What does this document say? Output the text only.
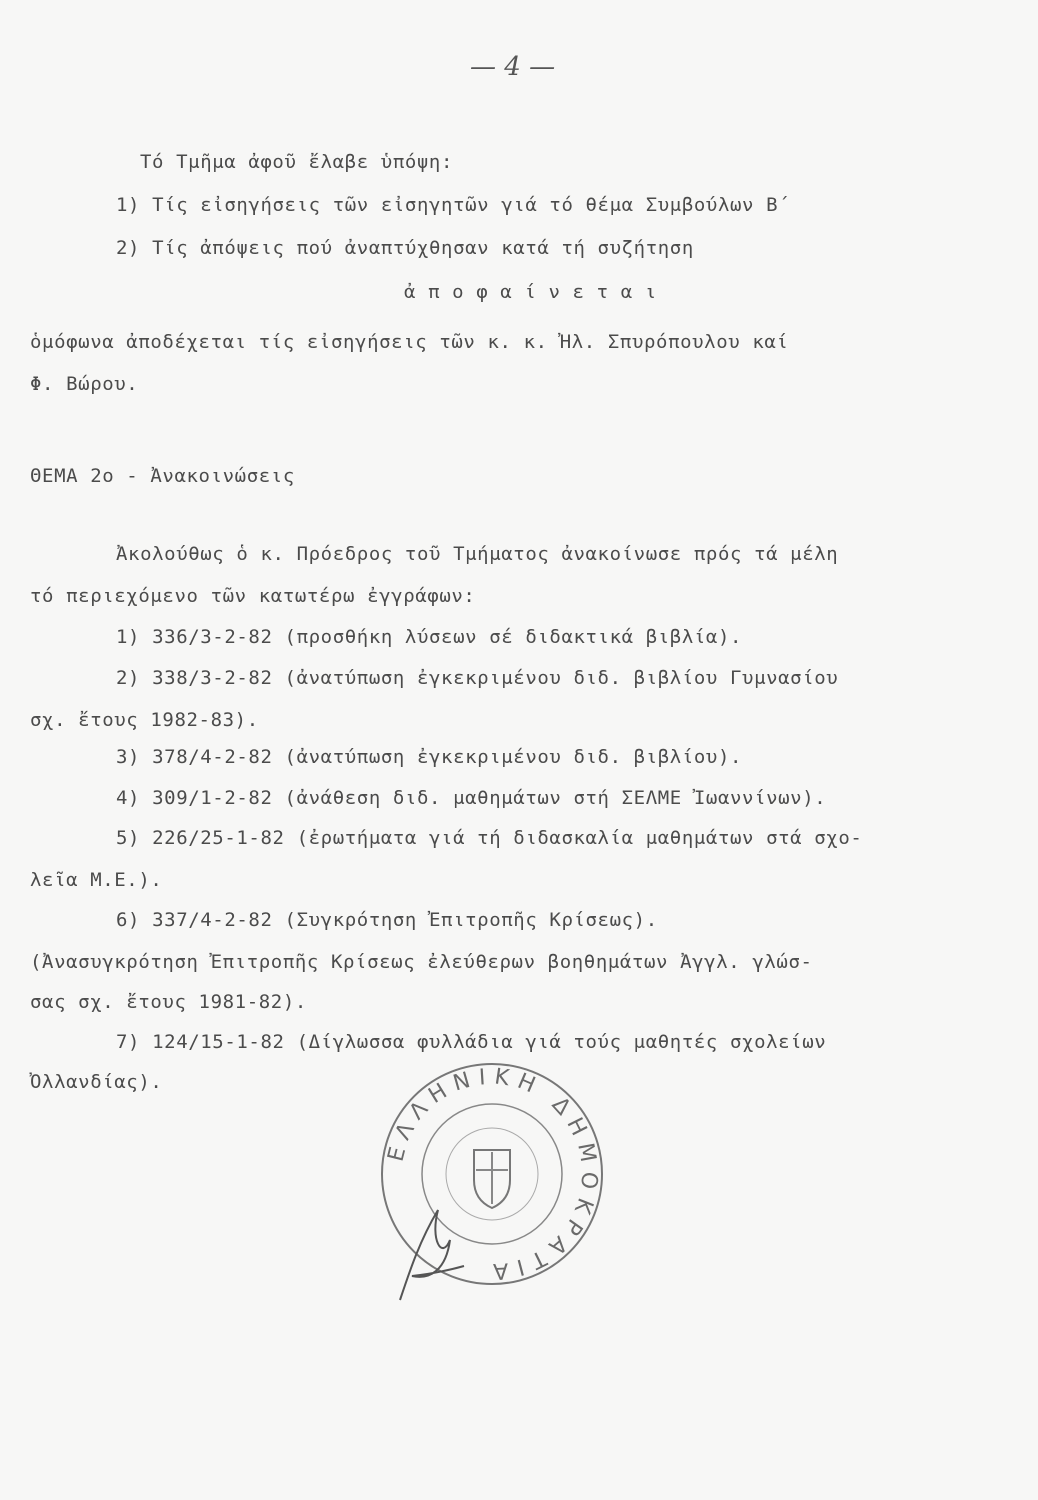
— 4 —
Τό Τμῆμα ἀφοῦ ἔλαβε ὑπόψη:
1) Τίς εἰσηγήσεις τῶν εἰσηγητῶν γιά τό θέμα Συμβούλων Β΄
2) Τίς ἀπόψεις πού ἀναπτύχθησαν κατά τή συζήτηση
ἀ π ο φ α ί ν ε τ α ι
ὁμόφωνα ἀποδέχεται τίς εἰσηγήσεις τῶν κ. κ. Ἠλ. Σπυρόπουλου καί
Φ. Βώρου.
ΘΕΜΑ 2ο - Ἀνακοινώσεις
Ἀκολούθως ὁ κ. Πρόεδρος τοῦ Τμήματος ἀνακοίνωσε πρός τά μέλη
τό περιεχόμενο τῶν κατωτέρω ἐγγράφων:
1) 336/3-2-82 (προσθήκη λύσεων σέ διδακτικά βιβλία).
2) 338/3-2-82 (ἀνατύπωση ἐγκεκριμένου διδ. βιβλίου Γυμνασίου
σχ. ἔτους 1982-83).
3) 378/4-2-82 (ἀνατύπωση ἐγκεκριμένου διδ. βιβλίου).
4) 309/1-2-82 (ἀνάθεση διδ. μαθημάτων στή ΣΕΛΜΕ Ἰωαννίνων).
5) 226/25-1-82 (ἐρωτήματα γιά τή διδασκαλία μαθημάτων στά σχο-
λεῖα Μ.Ε.).
6) 337/4-2-82 (Συγκρότηση Ἐπιτροπῆς Κρίσεως).
(Ἀνασυγκρότηση Ἐπιτροπῆς Κρίσεως ἐλεύθερων βοηθημάτων Ἀγγλ. γλώσ-
σας σχ. ἔτους 1981-82).
7) 124/15-1-82 (Δίγλωσσα φυλλάδια γιά τούς μαθητές σχολείων
Ὀλλανδίας).
ΕΛΛΗΝΙΚΗ ΔΗΜΟΚΡΑΤΙΑ
